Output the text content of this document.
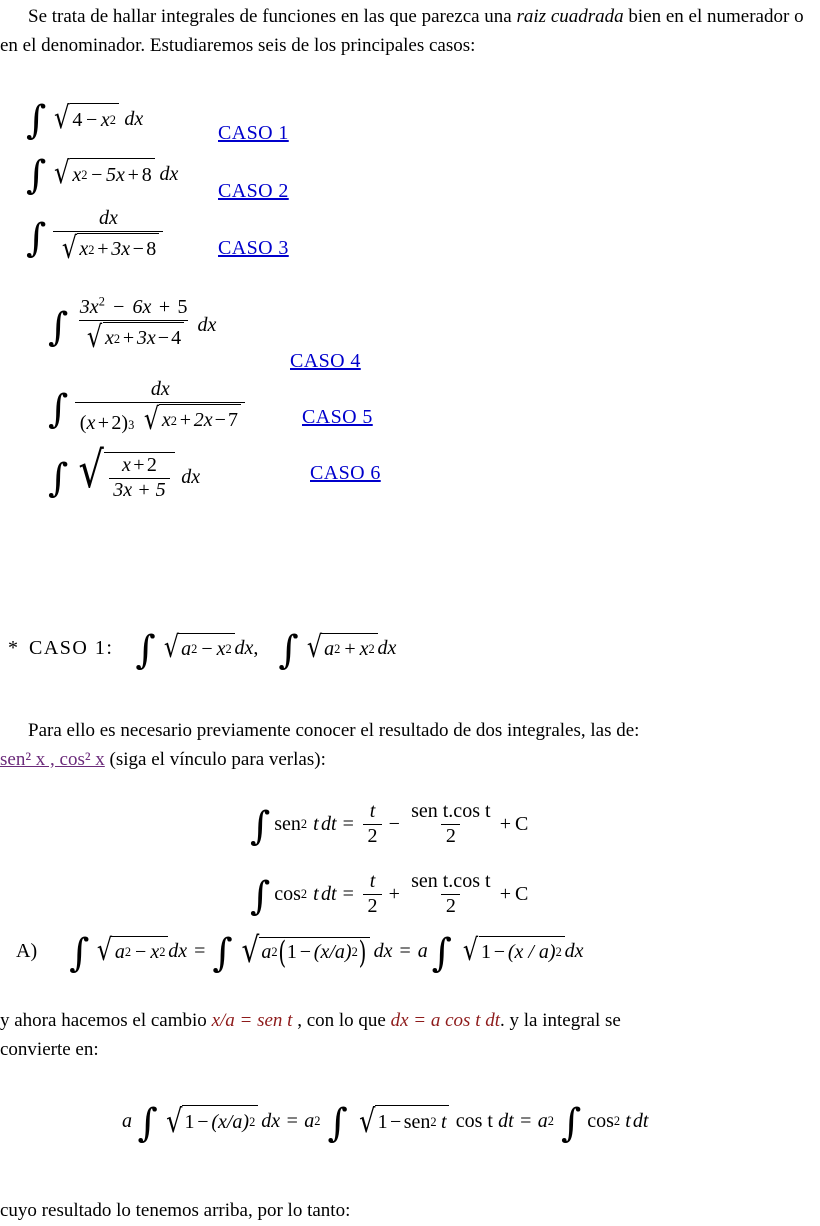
Se trata de hallar integrales de funciones en las que parezca una raiz cuadrada bien en el numerador o en el denominador. Estudiaremos seis de los principales casos:
∫ √ 4 − x 2 dx
CASO 1
∫ √ x 2 − 5x + 8 dx
CASO 2
∫	dx
√ x 2 + 3x − 8	CASO 3
∫ $3x^2 - 6x + 5$
√ x 2 + 3x − 4
dx
CASO 4
∫	dx
( x + 2 ) 3 √ x 2 + 2x − 7	CASO 5
∫ √ $\frac{x + 2}{3x + 5}$ dx	CASO 6
* CASO 1: ∫ √ a 2 − x 2 dx , ∫ √ a 2 + x 2 dx
Para ello es necesario previamente conocer el resultado de dos integrales, las de:
sen² x , cos² x (siga el vínculo para verlas):
∫ sen 2 t dt = $\frac{t}{2} - \frac{\text{sen t.cos t}}{2} + C$
∫ cos 2 t dt = $\frac{t}{2} + \frac{\text{sen t.cos t}}{2} + C$
A) ∫ √ a 2 − x 2 dx = ∫ √ a 2 ( 1 − (x/a) 2 ) dx = a ∫ √ 1 − (x / a) 2 dx
y ahora hacemos el cambio x/a = sen t , con lo que dx = a cos t dt. y la integral se
convierte en:
a ∫ √ 1 − (x/a) 2 dx = a 2 ∫ √ 1 − sen 2 t cos t dt = a 2 ∫ cos 2 t dt
cuyo resultado lo tenemos arriba, por lo tanto:
